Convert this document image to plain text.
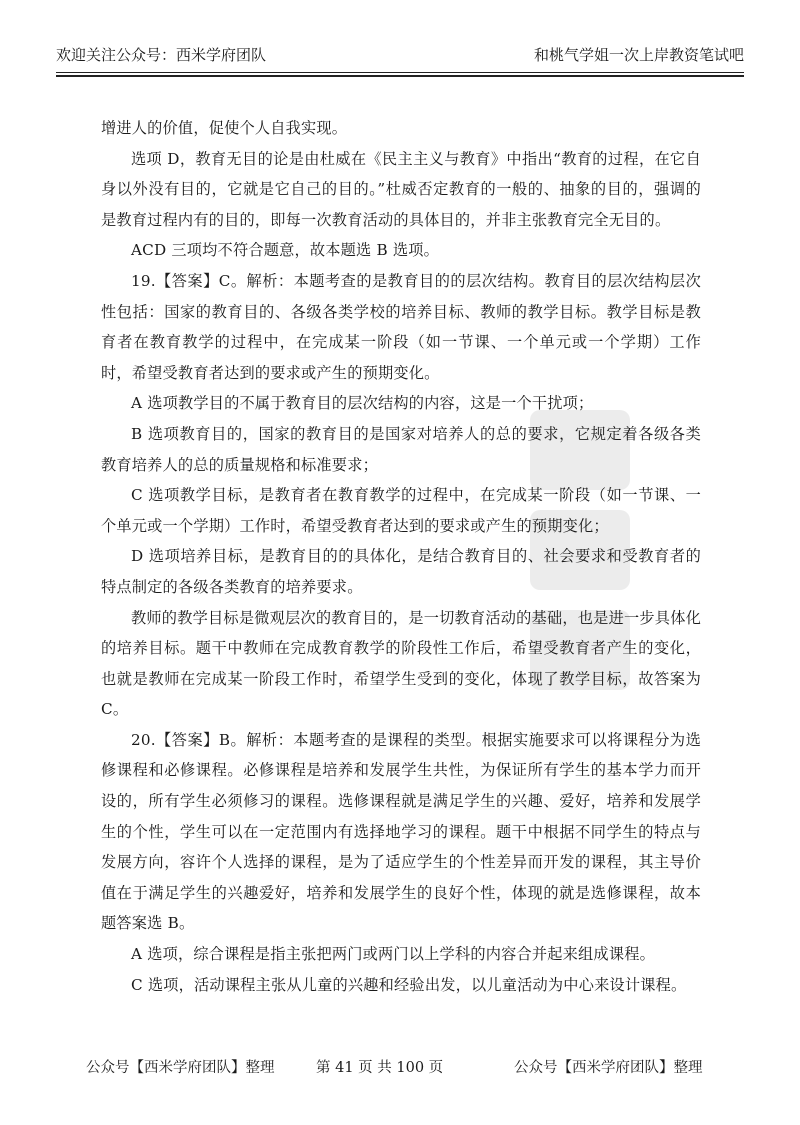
欢迎关注公众号：西米学府团队	和桃气学姐一次上岸教资笔试吧

增进人的价值，促使个人自我实现。

选项 D，教育无目的论是由杜威在《民主主义与教育》中指出“教育的过程，在它自身以外没有目的，它就是它自己的目的。”杜威否定教育的一般的、抽象的目的，强调的是教育过程内有的目的，即每一次教育活动的具体目的，并非主张教育完全无目的。

ACD 三项均不符合题意，故本题选 B 选项。

19.【答案】C。解析：本题考查的是教育目的的层次结构。教育目的层次结构层次性包括：国家的教育目的、各级各类学校的培养目标、教师的教学目标。教学目标是教育者在教育教学的过程中，在完成某一阶段（如一节课、一个单元或一个学期）工作时，希望受教育者达到的要求或产生的预期变化。

A 选项教学目的不属于教育目的层次结构的内容，这是一个干扰项；

B 选项教育目的，国家的教育目的是国家对培养人的总的要求，它规定着各级各类教育培养人的总的质量规格和标准要求；

C 选项教学目标，是教育者在教育教学的过程中，在完成某一阶段（如一节课、一个单元或一个学期）工作时，希望受教育者达到的要求或产生的预期变化；

D 选项培养目标，是教育目的的具体化，是结合教育目的、社会要求和受教育者的特点制定的各级各类教育的培养要求。

教师的教学目标是微观层次的教育目的，是一切教育活动的基础，也是进一步具体化的培养目标。题干中教师在完成教育教学的阶段性工作后，希望受教育者产生的变化，也就是教师在完成某一阶段工作时，希望学生受到的变化，体现了教学目标，故答案为 C。

20.【答案】B。解析：本题考查的是课程的类型。根据实施要求可以将课程分为选修课程和必修课程。必修课程是培养和发展学生共性，为保证所有学生的基本学力而开设的，所有学生必须修习的课程。选修课程就是满足学生的兴趣、爱好，培养和发展学生的个性，学生可以在一定范围内有选择地学习的课程。题干中根据不同学生的特点与发展方向，容许个人选择的课程，是为了适应学生的个性差异而开发的课程，其主导价值在于满足学生的兴趣爱好，培养和发展学生的良好个性，体现的就是选修课程，故本题答案选 B。

A 选项，综合课程是指主张把两门或两门以上学科的内容合并起来组成课程。

C 选项，活动课程主张从儿童的兴趣和经验出发，以儿童活动为中心来设计课程。

公众号【西米学府团队】整理	第 41 页 共 100 页	公众号【西米学府团队】整理
